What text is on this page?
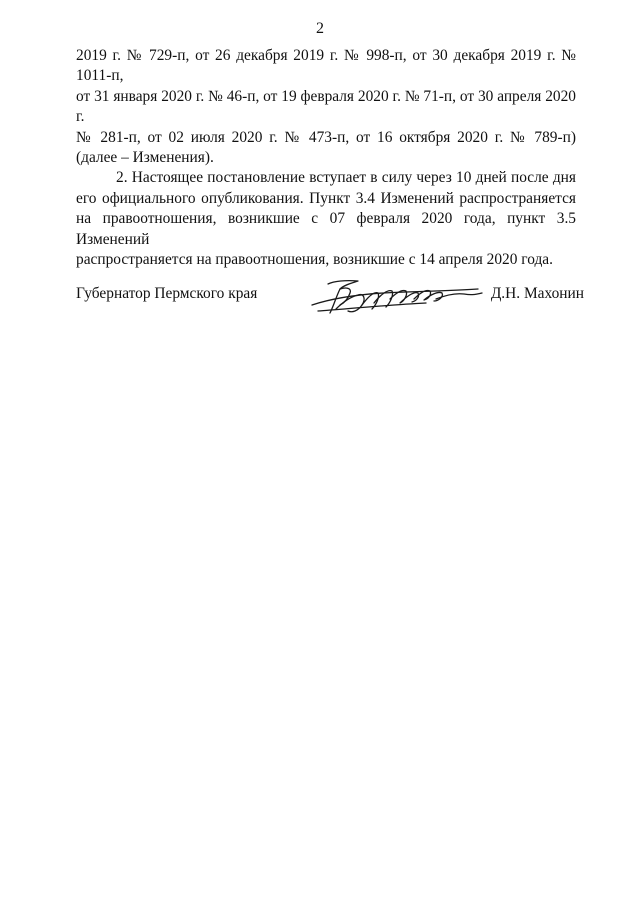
2
2019 г. № 729-п, от 26 декабря 2019 г. № 998-п, от 30 декабря 2019 г. № 1011-п,
от 31 января 2020 г. № 46-п, от 19 февраля 2020 г. № 71-п, от 30 апреля 2020 г.
№ 281-п, от 02 июля 2020 г. № 473-п, от 16 октября 2020 г. № 789-п)
(далее – Изменения).
2. Настоящее постановление вступает в силу через 10 дней после дня
его официального опубликования. Пункт 3.4 Изменений распространяется
на правоотношения, возникшие с 07 февраля 2020 года, пункт 3.5 Изменений
распространяется на правоотношения, возникшие с 14 апреля 2020 года.
Губернатор Пермского края	Д.Н. Махонин
